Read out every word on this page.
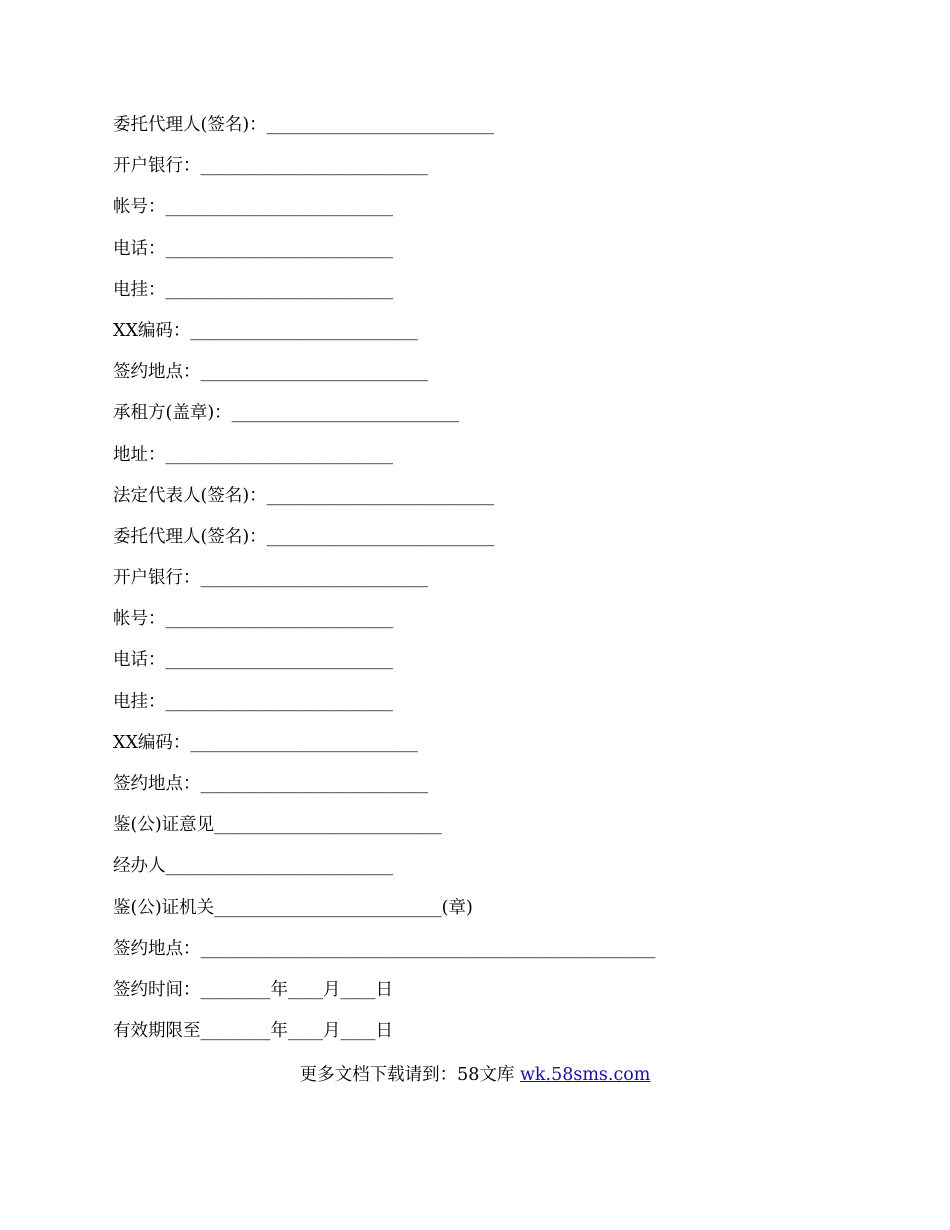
委托代理人(签名)：__________________________
开户银行：__________________________
帐号：__________________________
电话：__________________________
电挂：__________________________
XX编码：__________________________
签约地点：__________________________
承租方(盖章)：__________________________
地址：__________________________
法定代表人(签名)：__________________________
委托代理人(签名)：__________________________
开户银行：__________________________
帐号：__________________________
电话：__________________________
电挂：__________________________
XX编码：__________________________
签约地点：__________________________
鉴(公)证意见__________________________
经办人__________________________
鉴(公)证机关__________________________(章)
签约地点：____________________________________________________
签约时间：________年____月____日
有效期限至________年____月____日
更多文档下载请到：58文库 wk.58sms.com
